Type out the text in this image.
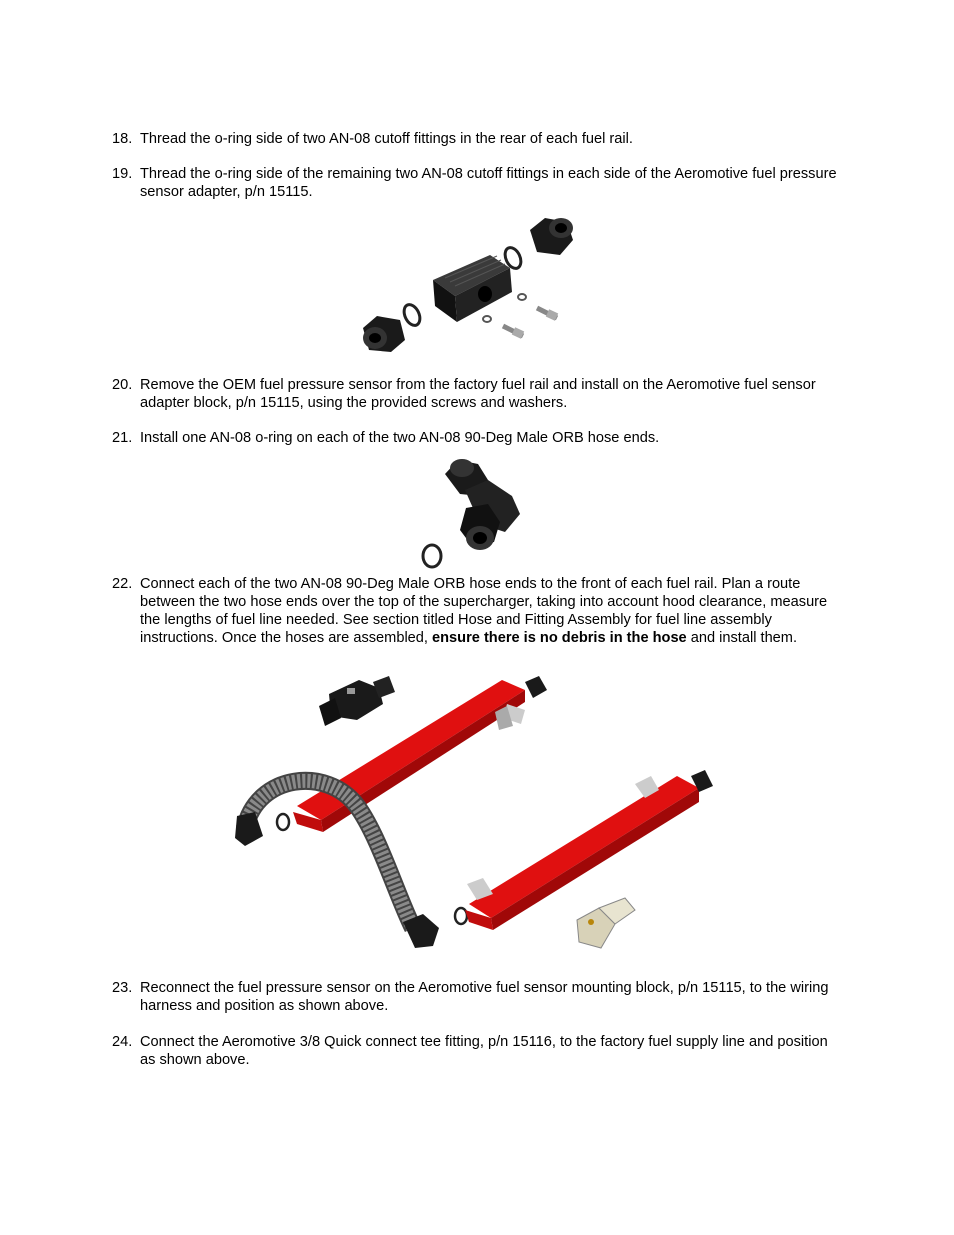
18. Thread the o-ring side of two AN-08 cutoff fittings in the rear of each fuel rail.
19. Thread the o-ring side of the remaining two AN-08 cutoff fittings in each side of the Aeromotive fuel pressure sensor adapter, p/n 15115.
20. Remove the OEM fuel pressure sensor from the factory fuel rail and install on the Aeromotive fuel sensor adapter block, p/n 15115, using the provided screws and washers.
21. Install one AN-08 o-ring on each of the two AN-08 90-Deg Male ORB hose ends.
22. Connect each of the two AN-08 90-Deg Male ORB hose ends to the front of each fuel rail. Plan a route between the two hose ends over the top of the supercharger, taking into account hood clearance, measure the lengths of fuel line needed. See section titled Hose and Fitting Assembly for fuel line assembly instructions. Once the hoses are assembled, ensure there is no debris in the hose and install them.
23. Reconnect the fuel pressure sensor on the Aeromotive fuel sensor mounting block, p/n 15115, to the wiring harness and position as shown above.
24. Connect the Aeromotive 3/8 Quick connect tee fitting, p/n 15116, to the factory fuel supply line and position as shown above.
